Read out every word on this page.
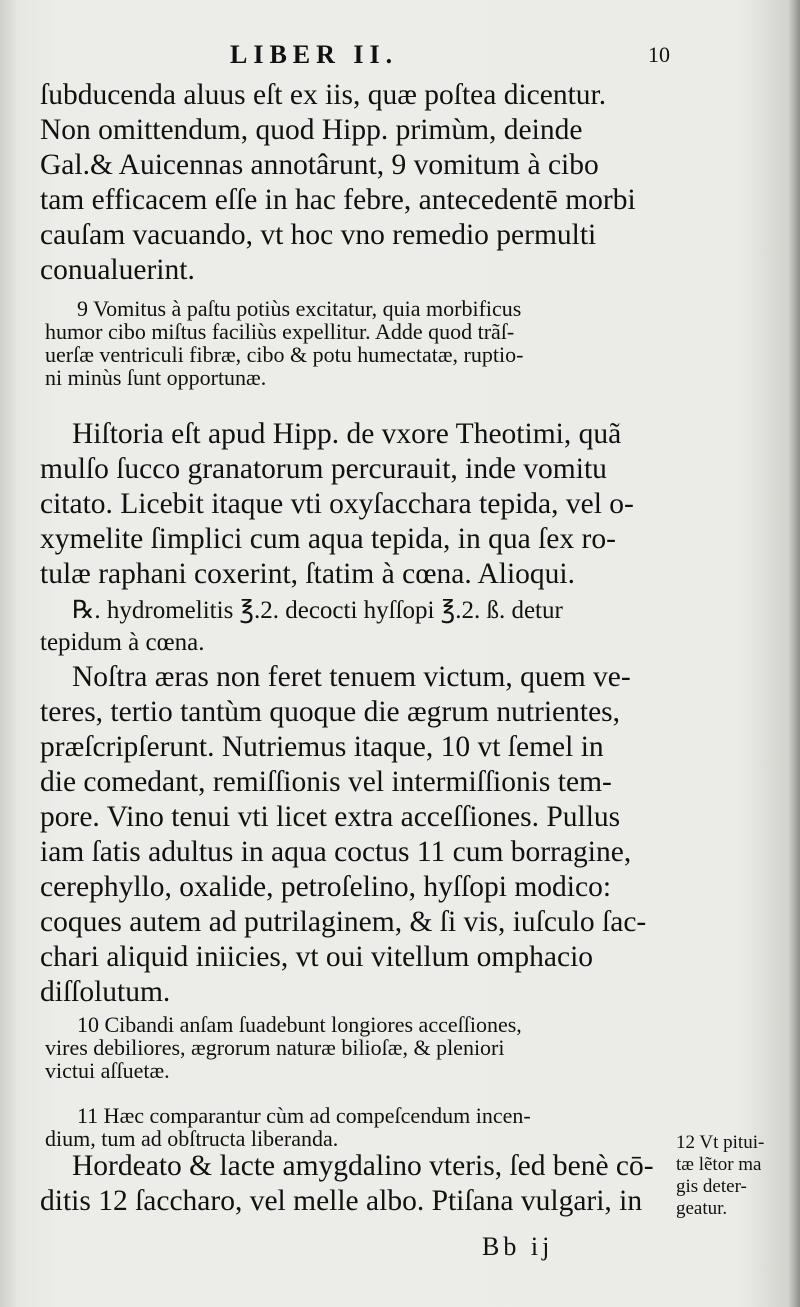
LIBER II.	10
ſubducenda aluus eſt ex iis, quæ poſtea dicentur.
Non omittendum, quod Hipp. primùm, deinde
Gal.& Auicennas annotârunt, 9 vomitum à cibo
tam efficacem eſſe in hac febre, antecedentē morbi
cauſam vacuando, vt hoc vno remedio permulti
conualuerint.
9 Vomitus à paſtu potiùs excitatur, quia morbificus
humor cibo miſtus faciliùs expellitur. Adde quod trãſ-
uerſæ ventriculi fibræ, cibo & potu humectatæ, ruptio-
ni minùs ſunt opportunæ.
Hiſtoria eſt apud Hipp. de vxore Theotimi, quã
mulſo ſucco granatorum percurauit, inde vomitu
citato. Licebit itaque vti oxyſacchara tepida, vel o-
xymelite ſimplici cum aqua tepida, in qua ſex ro-
tulæ raphani coxerint, ſtatim à cœna. Alioqui.
℞. hydromelitis ℥.2. decocti hyſſopi ℥.2. ß. detur
tepidum à cœna.
Noſtra æras non feret tenuem victum, quem ve-
teres, tertio tantùm quoque die ægrum nutrientes,
præſcripſerunt. Nutriemus itaque, 10 vt ſemel in
die comedant, remiſſionis vel intermiſſionis tem-
pore. Vino tenui vti licet extra acceſſiones. Pullus
iam ſatis adultus in aqua coctus 11 cum borragine,
cerephyllo, oxalide, petroſelino, hyſſopi modico:
coques autem ad putrilaginem, & ſi vis, iuſculo ſac-
chari aliquid iniicies, vt oui vitellum omphacio
diſſolutum.
10 Cibandi anſam ſuadebunt longiores acceſſiones,
vires debiliores, ægrorum naturæ bilioſæ, & pleniori
victui aſſuetæ.
11 Hæc comparantur cùm ad compeſcendum incen-
dium, tum ad obſtructa liberanda.
Hordeato & lacte amygdalino vteris, ſed benè cō-
ditis 12 ſaccharo, vel melle albo. Ptiſana vulgari, in
12 Vt pitui-
tæ lẽtor ma
gis deter-
geatur.
Bb ij
